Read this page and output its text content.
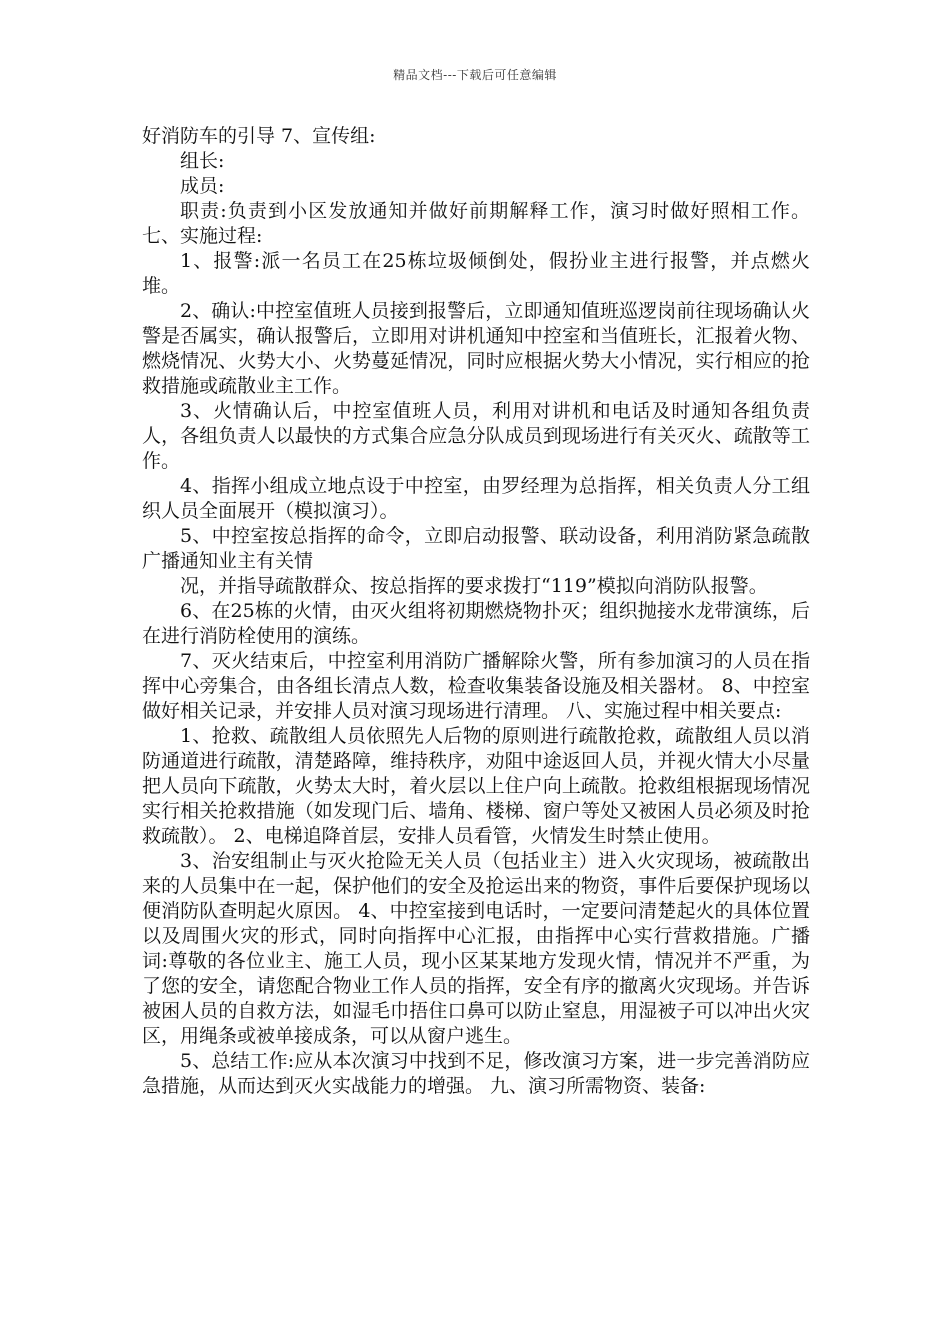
精品文档---下载后可任意编辑

好消防车的引导 7、宣传组:

组长:

成员:

职责:负责到小区发放通知并做好前期解释工作，演习时做好照相工作。 七、实施过程:

1、报警:派一名员工在25栋垃圾倾倒处，假扮业主进行报警，并点燃火堆。

2、确认:中控室值班人员接到报警后，立即通知值班巡逻岗前往现场确认火警是否属实，确认报警后，立即用对讲机通知中控室和当值班长，汇报着火物、燃烧情况、火势大小、火势蔓延情况，同时应根据火势大小情况，实行相应的抢救措施或疏散业主工作。

3、火情确认后，中控室值班人员，利用对讲机和电话及时通知各组负责人，各组负责人以最快的方式集合应急分队成员到现场进行有关灭火、疏散等工作。

4、指挥小组成立地点设于中控室，由罗经理为总指挥，相关负责人分工组织人员全面展开（模拟演习）。

5、中控室按总指挥的命令，立即启动报警、联动设备，利用消防紧急疏散广播通知业主有关情

况，并指导疏散群众、按总指挥的要求拨打“119”模拟向消防队报警。

6、在25栋的火情，由灭火组将初期燃烧物扑灭；组织抛接水龙带演练，后在进行消防栓使用的演练。

7、灭火结束后，中控室利用消防广播解除火警，所有参加演习的人员在指挥中心旁集合，由各组长清点人数，检查收集装备设施及相关器材。 8、中控室做好相关记录，并安排人员对演习现场进行清理。 八、实施过程中相关要点:

1、抢救、疏散组人员依照先人后物的原则进行疏散抢救，疏散组人员以消防通道进行疏散，清楚路障，维持秩序，劝阻中途返回人员，并视火情大小尽量把人员向下疏散，火势太大时，着火层以上住户向上疏散。抢救组根据现场情况实行相关抢救措施（如发现门后、墙角、楼梯、窗户等处又被困人员必须及时抢救疏散）。 2、电梯追降首层，安排人员看管，火情发生时禁止使用。

3、治安组制止与灭火抢险无关人员（包括业主）进入火灾现场，被疏散出来的人员集中在一起，保护他们的安全及抢运出来的物资，事件后要保护现场以便消防队查明起火原因。 4、中控室接到电话时，一定要问清楚起火的具体位置以及周围火灾的形式，同时向指挥中心汇报，由指挥中心实行营救措施。广播词:尊敬的各位业主、施工人员，现小区某某地方发现火情，情况并不严重，为了您的安全，请您配合物业工作人员的指挥，安全有序的撤离火灾现场。并告诉被困人员的自救方法，如湿毛巾捂住口鼻可以防止窒息，用湿被子可以冲出火灾区，用绳条或被单接成条，可以从窗户逃生。

5、总结工作:应从本次演习中找到不足，修改演习方案，进一步完善消防应急措施，从而达到灭火实战能力的增强。 九、演习所需物资、装备:
